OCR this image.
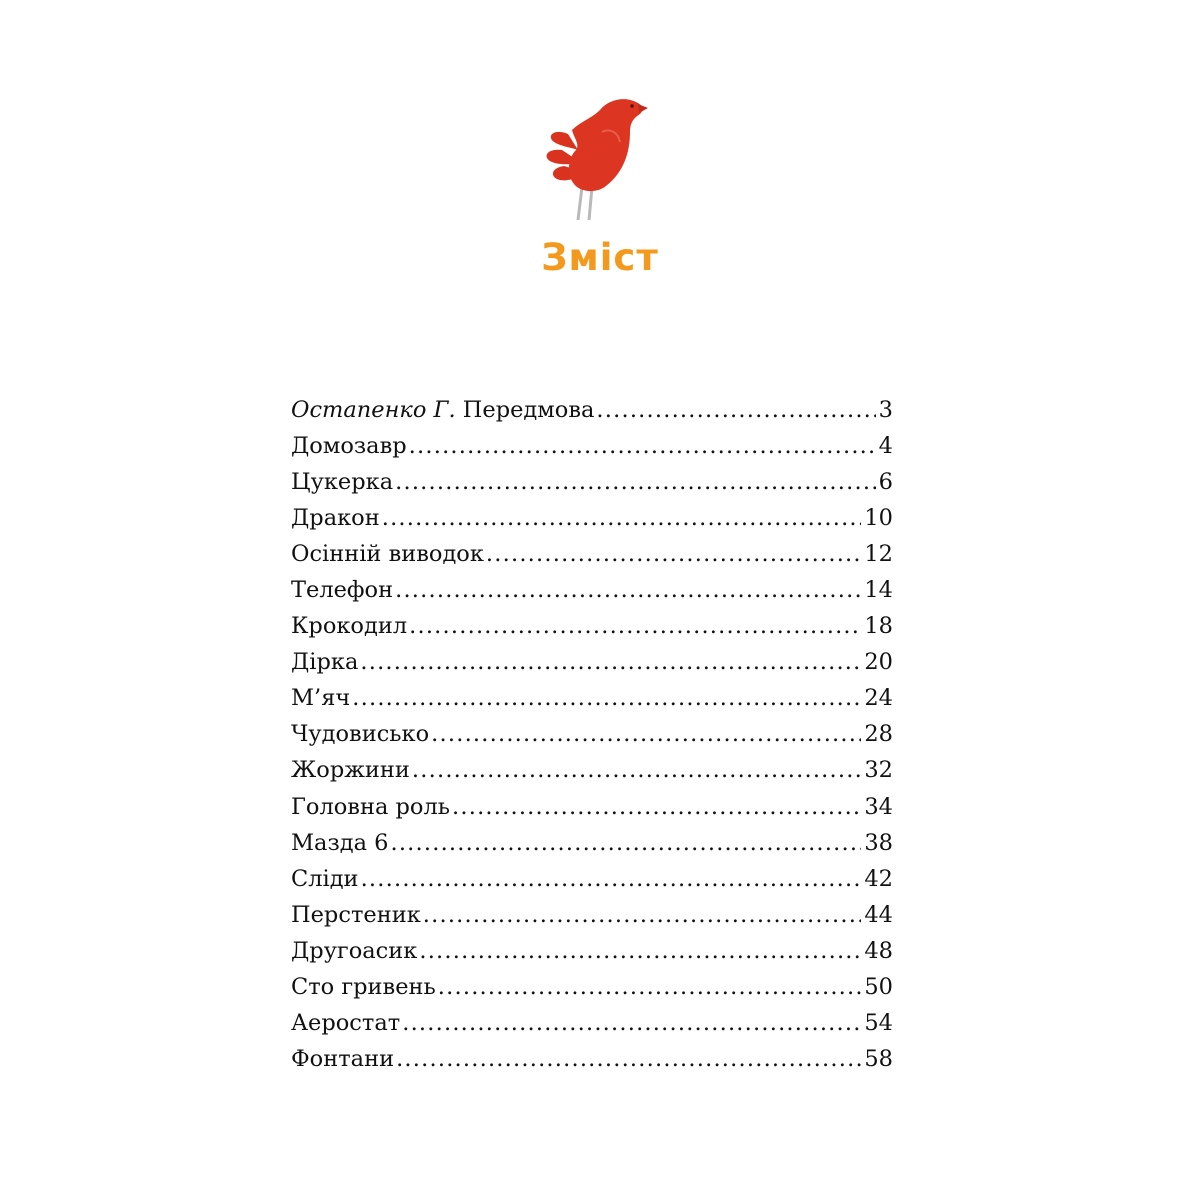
Зміст
Остапенко Г. Передмова .....	3
Домозавр .....	4
Цукерка .....	6
Дракон .....	10
Осінній виводок .....	12
Телефон .....	14
Крокодил .....	18
Дірка .....	20
М’яч .....	24
Чудовисько .....	28
Жоржини .....	32
Головна роль .....	34
Мазда 6 .....	38
Сліди .....	42
Перстеник .....	44
Другоасик .....	48
Сто гривень .....	50
Аеростат .....	54
Фонтани .....	58
